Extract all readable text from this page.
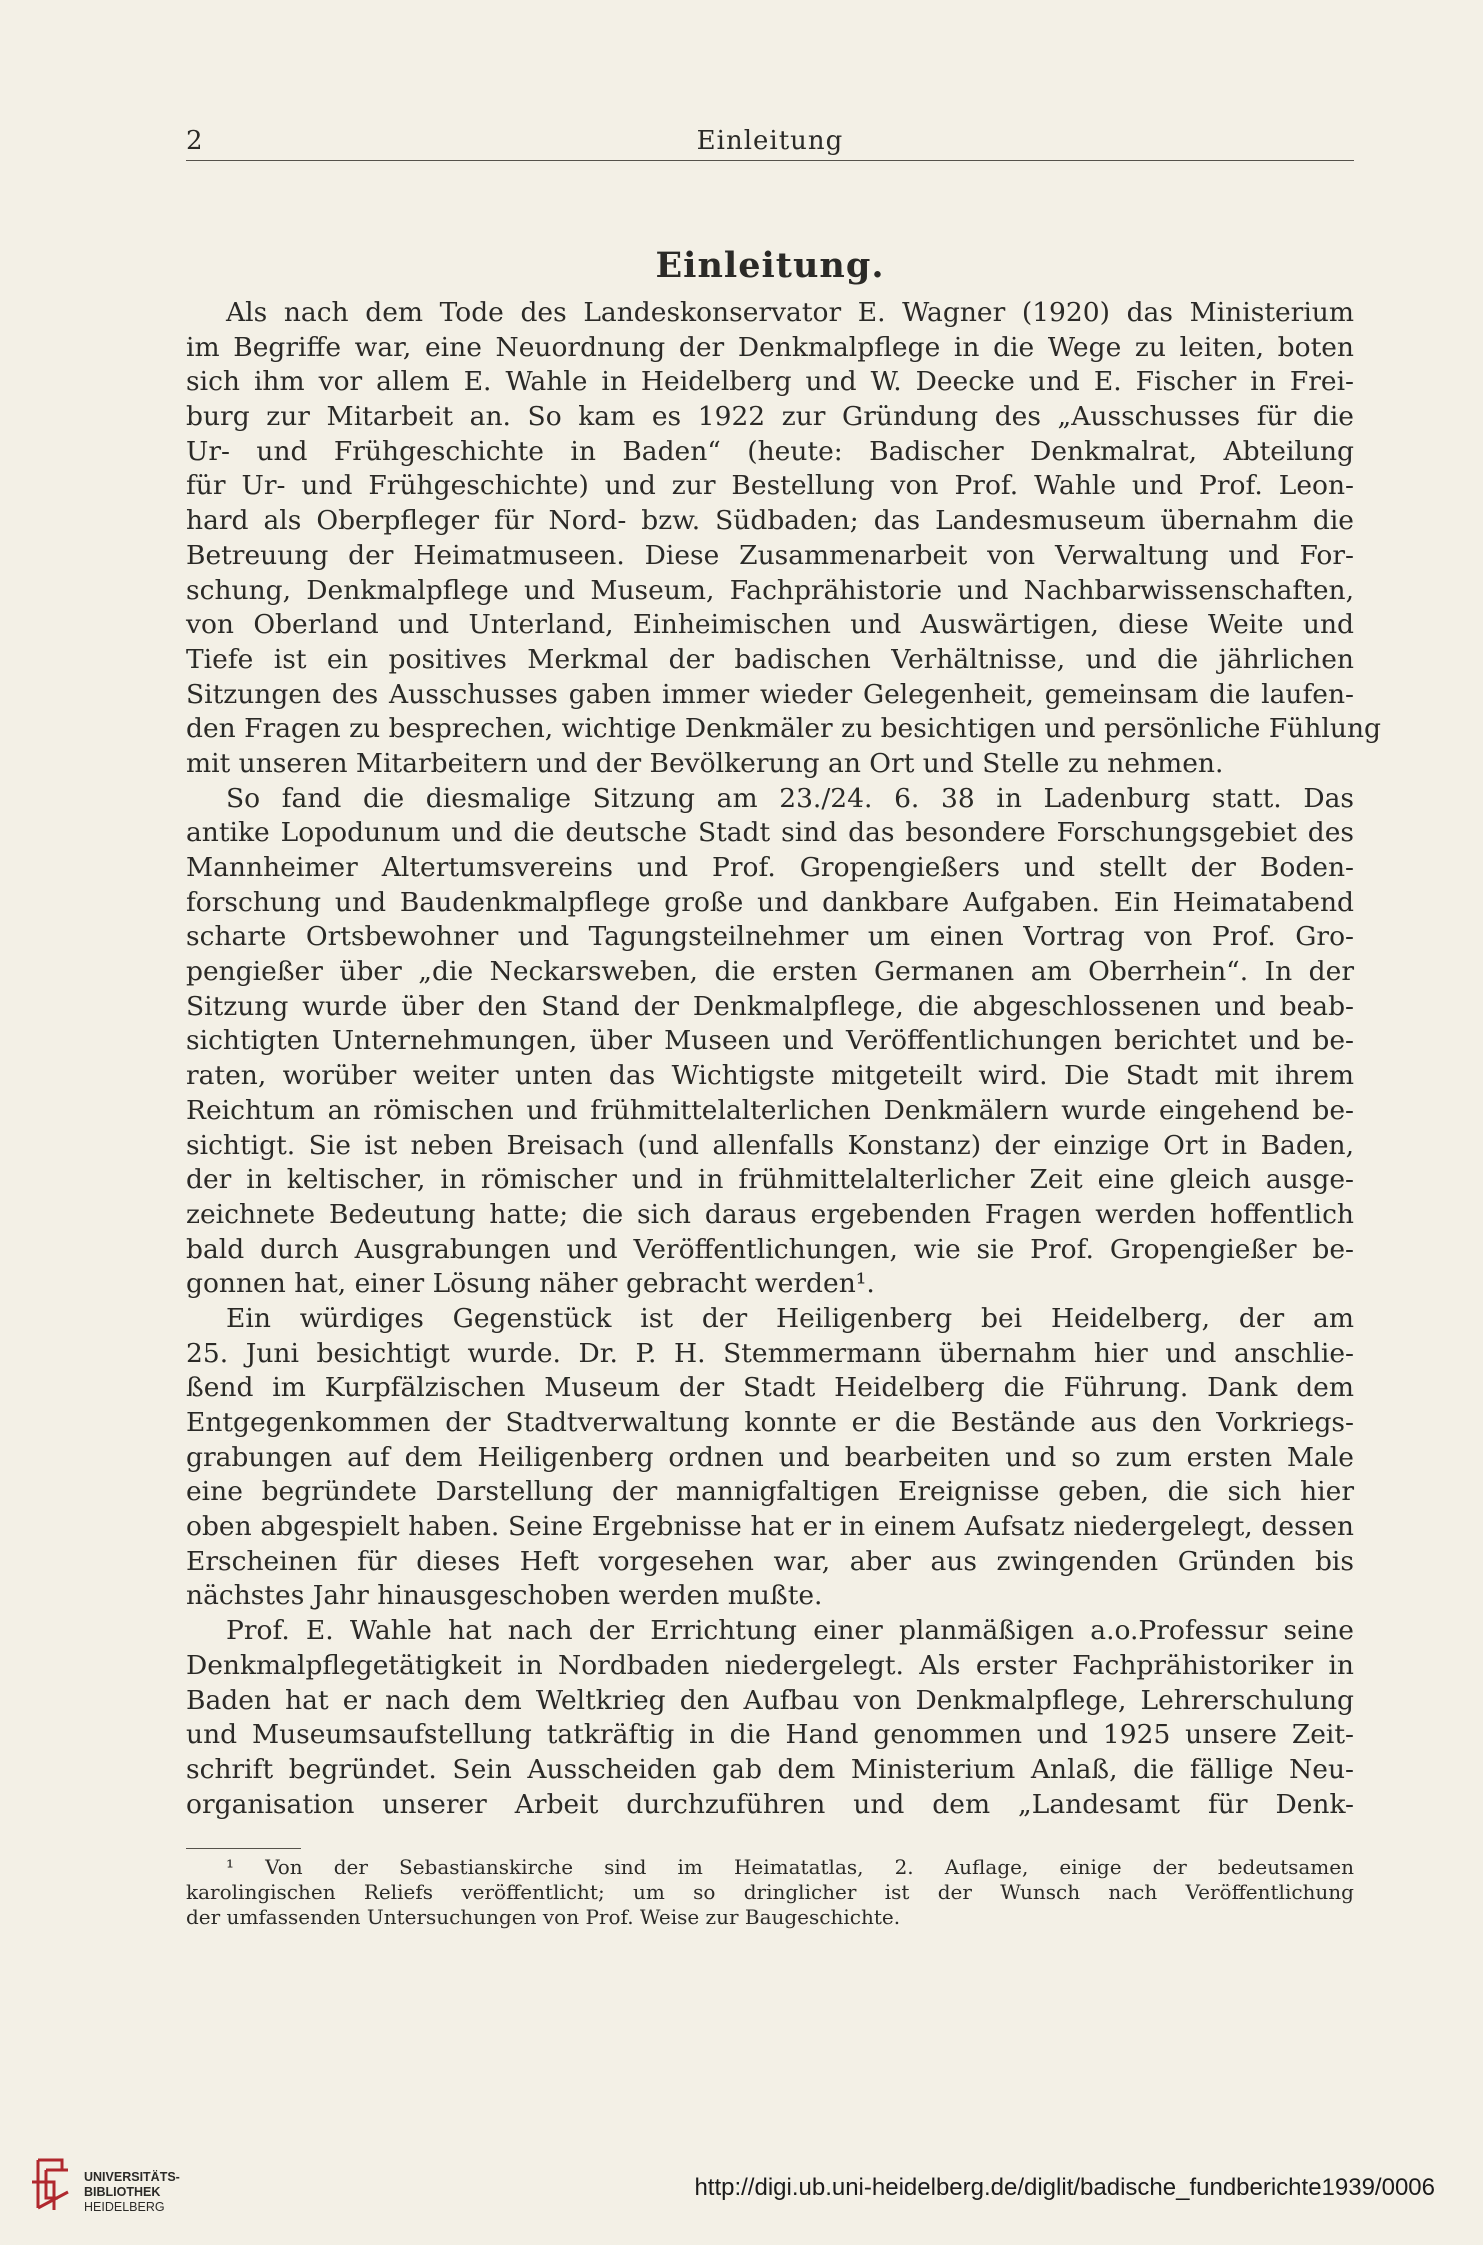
2	Einleitung
Einleitung.
Als nach dem Tode des Landeskonservator E. Wagner (1920) das Ministerium
im Begriffe war, eine Neuordnung der Denkmalpflege in die Wege zu leiten, boten
sich ihm vor allem E. Wahle in Heidelberg und W. Deecke und E. Fischer in Frei-
burg zur Mitarbeit an. So kam es 1922 zur Gründung des „Ausschusses für die
Ur- und Frühgeschichte in Baden“ (heute: Badischer Denkmalrat, Abteilung
für Ur- und Frühgeschichte) und zur Bestellung von Prof. Wahle und Prof. Leon-
hard als Oberpfleger für Nord- bzw. Südbaden; das Landesmuseum übernahm die
Betreuung der Heimatmuseen. Diese Zusammenarbeit von Verwaltung und For-
schung, Denkmalpflege und Museum, Fachprähistorie und Nachbarwissenschaften,
von Oberland und Unterland, Einheimischen und Auswärtigen, diese Weite und
Tiefe ist ein positives Merkmal der badischen Verhältnisse, und die jährlichen
Sitzungen des Ausschusses gaben immer wieder Gelegenheit, gemeinsam die laufen-
den Fragen zu besprechen, wichtige Denkmäler zu besichtigen und persönliche Fühlung
mit unseren Mitarbeitern und der Bevölkerung an Ort und Stelle zu nehmen.
So fand die diesmalige Sitzung am 23./24. 6. 38 in Ladenburg statt. Das
antike Lopodunum und die deutsche Stadt sind das besondere Forschungsgebiet des
Mannheimer Altertumsvereins und Prof. Gropengießers und stellt der Boden-
forschung und Baudenkmalpflege große und dankbare Aufgaben. Ein Heimatabend
scharte Ortsbewohner und Tagungsteilnehmer um einen Vortrag von Prof. Gro-
pengießer über „die Neckarsweben, die ersten Germanen am Oberrhein“. In der
Sitzung wurde über den Stand der Denkmalpflege, die abgeschlossenen und beab-
sichtigten Unternehmungen, über Museen und Veröffentlichungen berichtet und be-
raten, worüber weiter unten das Wichtigste mitgeteilt wird. Die Stadt mit ihrem
Reichtum an römischen und frühmittelalterlichen Denkmälern wurde eingehend be-
sichtigt. Sie ist neben Breisach (und allenfalls Konstanz) der einzige Ort in Baden,
der in keltischer, in römischer und in frühmittelalterlicher Zeit eine gleich ausge-
zeichnete Bedeutung hatte; die sich daraus ergebenden Fragen werden hoffentlich
bald durch Ausgrabungen und Veröffentlichungen, wie sie Prof. Gropengießer be-
gonnen hat, einer Lösung näher gebracht werden¹.
Ein würdiges Gegenstück ist der Heiligenberg bei Heidelberg, der am
25. Juni besichtigt wurde. Dr. P. H. Stemmermann übernahm hier und anschlie-
ßend im Kurpfälzischen Museum der Stadt Heidelberg die Führung. Dank dem
Entgegenkommen der Stadtverwaltung konnte er die Bestände aus den Vorkriegs-
grabungen auf dem Heiligenberg ordnen und bearbeiten und so zum ersten Male
eine begründete Darstellung der mannigfaltigen Ereignisse geben, die sich hier
oben abgespielt haben. Seine Ergebnisse hat er in einem Aufsatz niedergelegt, dessen
Erscheinen für dieses Heft vorgesehen war, aber aus zwingenden Gründen bis
nächstes Jahr hinausgeschoben werden mußte.
Prof. E. Wahle hat nach der Errichtung einer planmäßigen a.o.Professur seine
Denkmalpflegetätigkeit in Nordbaden niedergelegt. Als erster Fachprähistoriker in
Baden hat er nach dem Weltkrieg den Aufbau von Denkmalpflege, Lehrerschulung
und Museumsaufstellung tatkräftig in die Hand genommen und 1925 unsere Zeit-
schrift begründet. Sein Ausscheiden gab dem Ministerium Anlaß, die fällige Neu-
organisation unserer Arbeit durchzuführen und dem „Landesamt für Denk-
¹ Von der Sebastianskirche sind im Heimatatlas, 2. Auflage, einige der bedeutsamen
karolingischen Reliefs veröffentlicht; um so dringlicher ist der Wunsch nach Veröffentlichung
der umfassenden Untersuchungen von Prof. Weise zur Baugeschichte.
UNIVERSITÄTS-
BIBLIOTHEK
HEIDELBERG
http://digi.ub.uni-heidelberg.de/diglit/badische_fundberichte1939/0006
